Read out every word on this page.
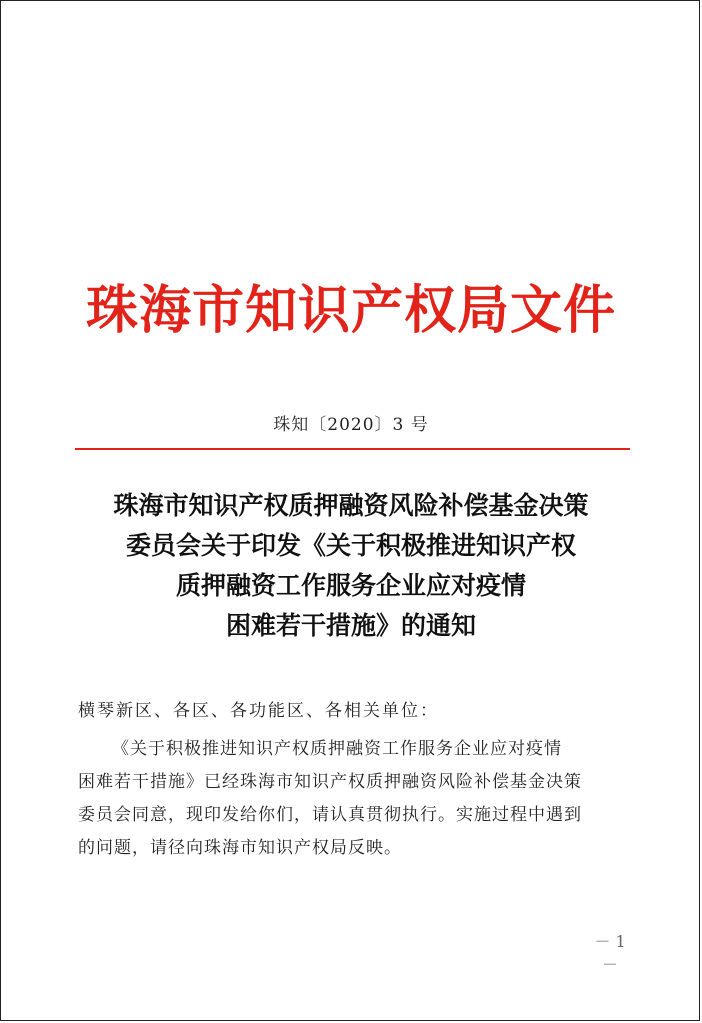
珠海市知识产权局文件
珠知〔2020〕3 号
珠海市知识产权质押融资风险补偿基金决策
委员会关于印发《关于积极推进知识产权
质押融资工作服务企业应对疫情
困难若干措施》的通知
横琴新区、各区、各功能区、各相关单位：
《关于积极推进知识产权质押融资工作服务企业应对疫情
困难若干措施》已经珠海市知识产权质押融资风险补偿基金决策
委员会同意，现印发给你们，请认真贯彻执行。实施过程中遇到
的问题，请径向珠海市知识产权局反映。
－ 1 －
